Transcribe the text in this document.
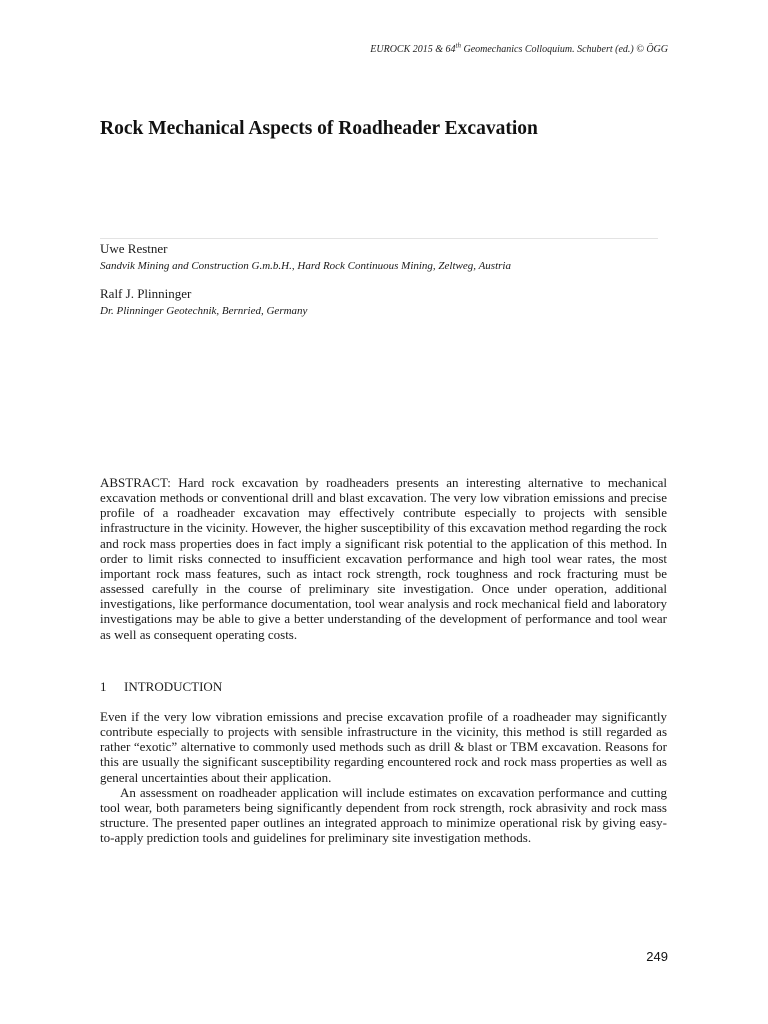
EUROCK 2015 & 64th Geomechanics Colloquium. Schubert (ed.) © ÖGG
Rock Mechanical Aspects of Roadheader Excavation
Uwe Restner
Sandvik Mining and Construction G.m.b.H., Hard Rock Continuous Mining, Zeltweg, Austria
Ralf J. Plinninger
Dr. Plinninger Geotechnik, Bernried, Germany

ABSTRACT: Hard rock excavation by roadheaders presents an interesting alternative to mechanical excavation methods or conventional drill and blast excavation. The very low vibration emissions and precise profile of a roadheader excavation may effectively contribute especially to projects with sensible infrastructure in the vicinity. However, the higher susceptibility of this excavation method regarding the rock and rock mass properties does in fact imply a significant risk potential to the application of this method. In order to limit risks connected to insufficient excavation performance and high tool wear rates, the most important rock mass features, such as intact rock strength, rock toughness and rock fracturing must be assessed carefully in the course of preliminary site investigation. Once under operation, additional investigations, like performance documentation, tool wear analysis and rock mechanical field and laboratory investigations may be able to give a better understanding of the development of performance and tool wear as well as consequent operating costs.

1 INTRODUCTION

Even if the very low vibration emissions and precise excavation profile of a roadheader may significantly contribute especially to projects with sensible infrastructure in the vicinity, this method is still regarded as rather “exotic” alternative to commonly used methods such as drill & blast or TBM excavation. Reasons for this are usually the significant susceptibility regarding encountered rock and rock mass properties as well as general uncertainties about their application.

An assessment on roadheader application will include estimates on excavation performance and cutting tool wear, both parameters being significantly dependent from rock strength, rock abrasivity and rock mass structure. The presented paper outlines an integrated approach to minimize operational risk by giving easy-to-apply prediction tools and guidelines for preliminary site investigation methods.

249
